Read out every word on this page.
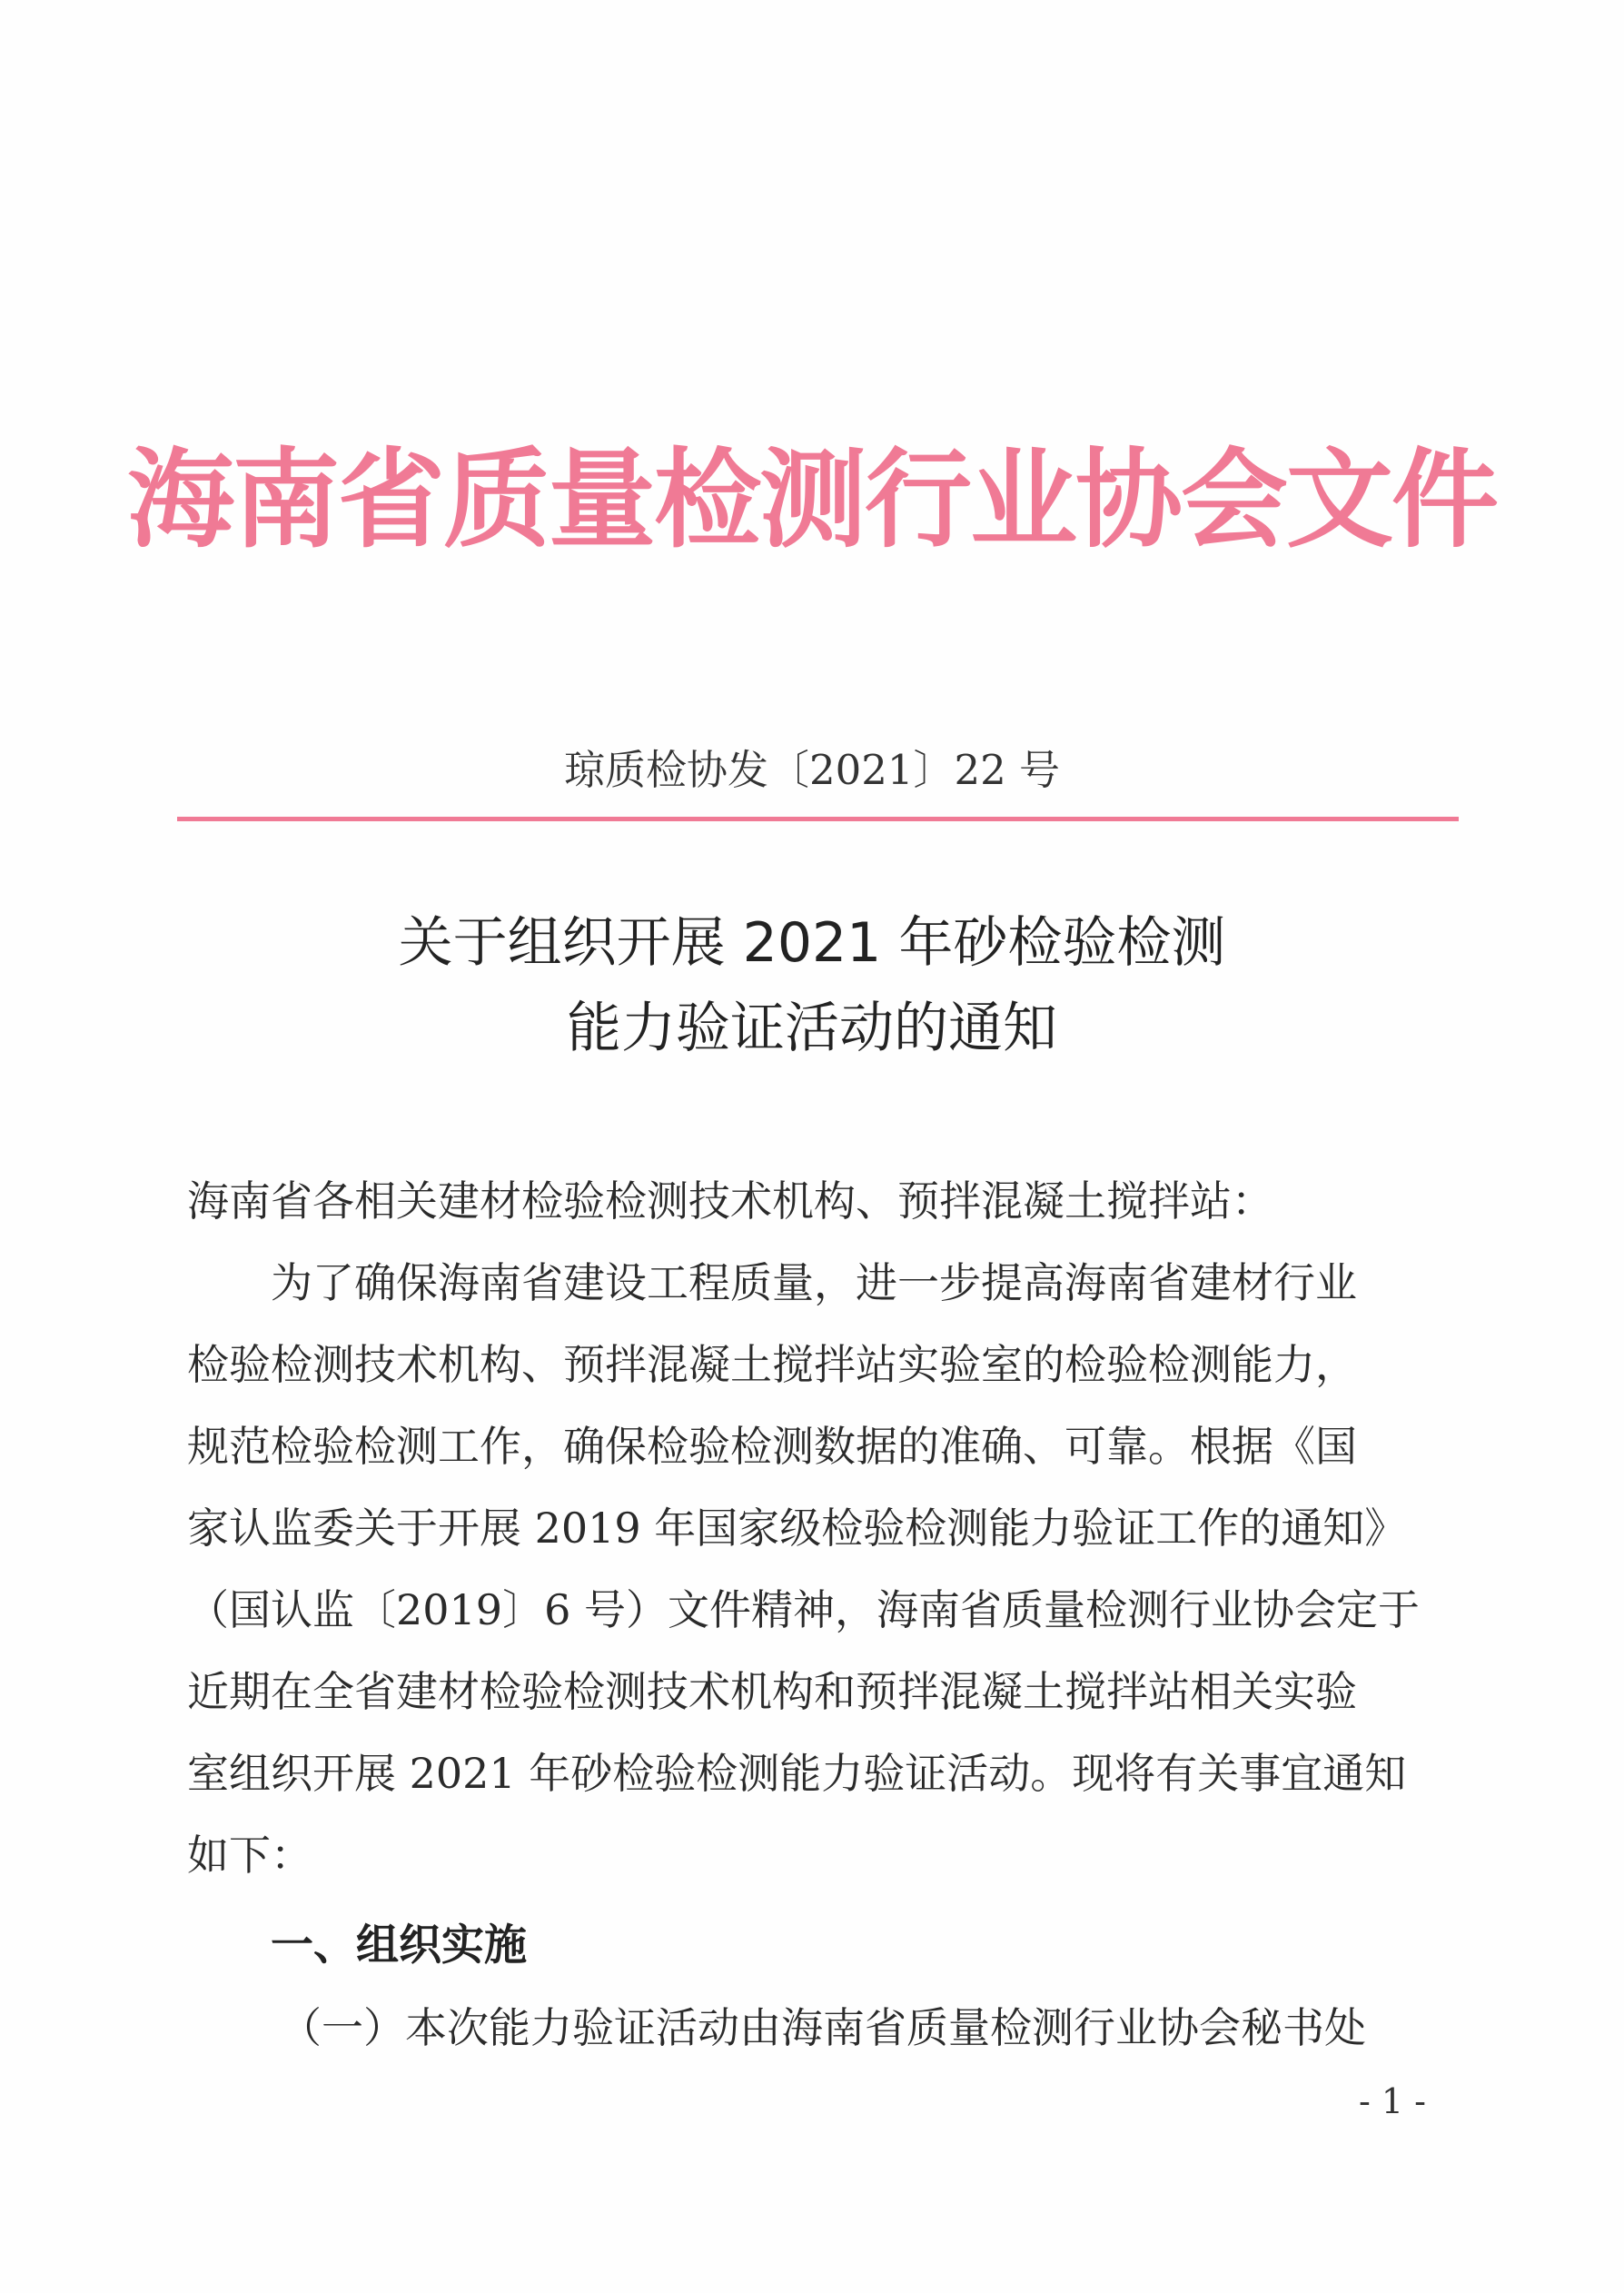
海南省质量检测行业协会文件
琼质检协发〔2021〕22 号
关于组织开展 2021 年砂检验检测
能力验证活动的通知
海南省各相关建材检验检测技术机构、预拌混凝土搅拌站：
为了确保海南省建设工程质量，进一步提高海南省建材行业
检验检测技术机构、预拌混凝土搅拌站实验室的检验检测能力，
规范检验检测工作，确保检验检测数据的准确、可靠。根据《国
家认监委关于开展 2019 年国家级检验检测能力验证工作的通知》
（国认监〔2019〕6 号）文件精神，海南省质量检测行业协会定于
近期在全省建材检验检测技术机构和预拌混凝土搅拌站相关实验
室组织开展 2021 年砂检验检测能力验证活动。现将有关事宜通知
如下：
一、组织实施
（一）本次能力验证活动由海南省质量检测行业协会秘书处
- 1 -
